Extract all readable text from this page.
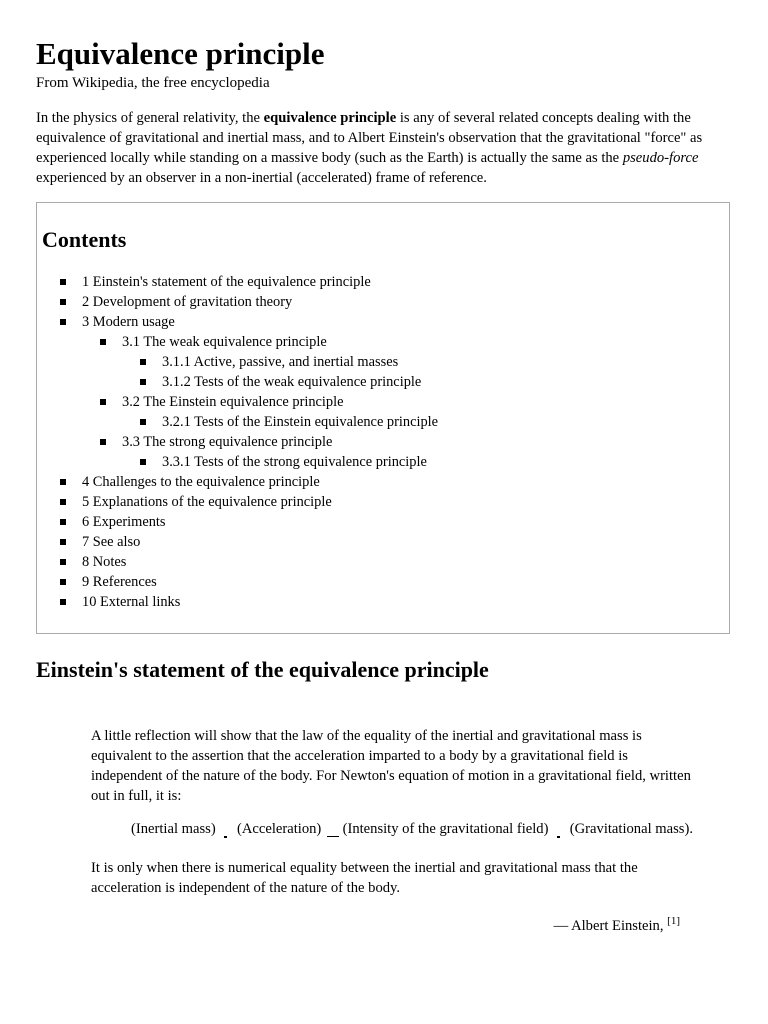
Equivalence principle
From Wikipedia, the free encyclopedia

In the physics of general relativity, the equivalence principle is any of several related concepts dealing with the equivalence of gravitational and inertial mass, and to Albert Einstein's observation that the gravitational "force" as experienced locally while standing on a massive body (such as the Earth) is actually the same as the pseudo-force experienced by an observer in a non-inertial (accelerated) frame of reference.

Contents
1 Einstein's statement of the equivalence principle
2 Development of gravitation theory
3 Modern usage
3.1 The weak equivalence principle
3.1.1 Active, passive, and inertial masses
3.1.2 Tests of the weak equivalence principle
3.2 The Einstein equivalence principle
3.2.1 Tests of the Einstein equivalence principle
3.3 The strong equivalence principle
3.3.1 Tests of the strong equivalence principle
4 Challenges to the equivalence principle
5 Explanations of the equivalence principle
6 Experiments
7 See also
8 Notes
9 References
10 External links
Einstein's statement of the equivalence principle

A little reflection will show that the law of the equality of the inertial and gravitational mass is equivalent to the assertion that the acceleration imparted to a body by a gravitational field is independent of the nature of the body. For Newton's equation of motion in a gravitational field, written out in full, it is:

(Inertial mass) (Acceleration) (Intensity of the gravitational field) (Gravitational mass).

It is only when there is numerical equality between the inertial and gravitational mass that the acceleration is independent of the nature of the body.

— Albert Einstein, [1]
